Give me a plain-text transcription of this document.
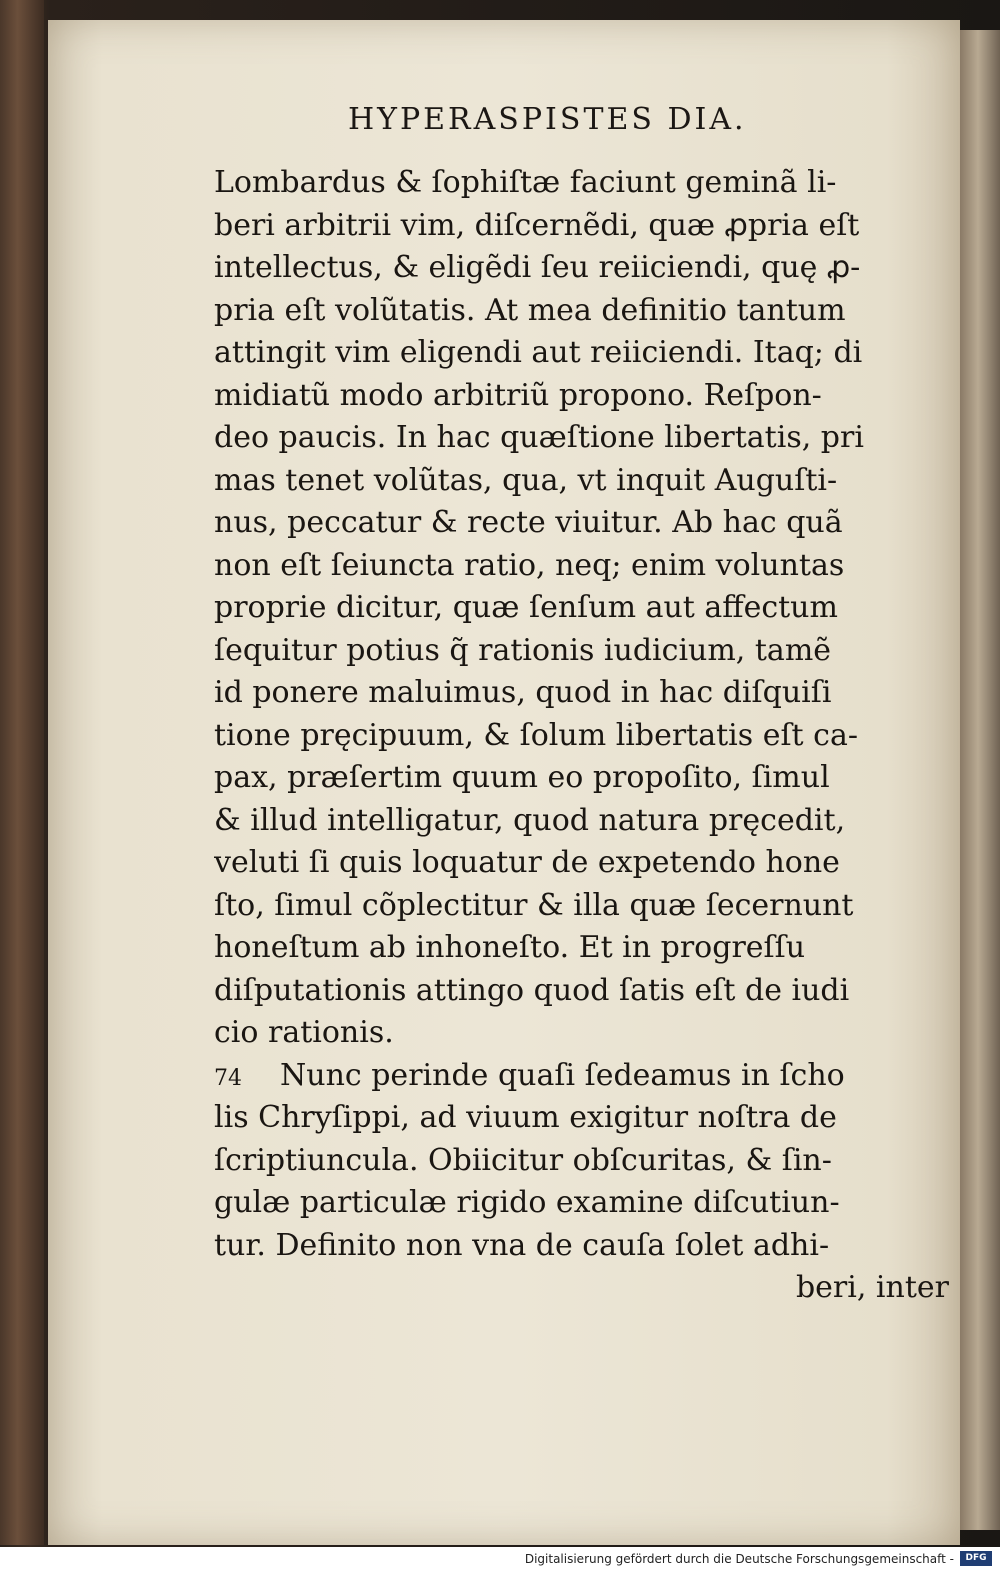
HYPERASPISTES DIA.
Lombardus & ſophiſtæ faciunt geminã li-
beri arbitrii vim, diſcernẽdi, quæ ꝓpria eſt
intellectus, & eligẽdi ſeu reiiciendi, quę ꝓ-
pria eſt volũtatis. At mea definitio tantum
attingit vim eligendi aut reiiciendi. Itaq; di
midiatũ modo arbitriũ propono. Reſpon-
deo paucis. In hac quæſtione libertatis, pri
mas tenet volũtas, qua, vt inquit Auguſti-
nus, peccatur & recte viuitur. Ab hac quã
non eſt ſeiuncta ratio, neq; enim voluntas
proprie dicitur, quæ ſenſum aut affectum
ſequitur potius q̃ rationis iudicium, tamẽ
id ponere maluimus, quod in hac diſquiſi
tione pręcipuum, & ſolum libertatis eſt ca-
pax, præſertim quum eo propoſito, ſimul
& illud intelligatur, quod natura pręcedit,
veluti ſi quis loquatur de expetendo hone
ſto, ſimul cõplectitur & illa quæ ſecernunt
honeſtum ab inhoneſto. Et in progreſſu
diſputationis attingo quod ſatis eſt de iudi
cio rationis.
74 Nunc perinde quaſi ſedeamus in ſcho
lis Chryſippi, ad viuum exigitur noſtra de
ſcriptiuncula. Obiicitur obſcuritas, & ſin-
gulæ particulæ rigido examine diſcutiun-
tur. Definito non vna de cauſa ſolet adhi-
beri, inter
Digitalisierung gefördert durch die Deutsche Forschungsgemeinschaft -	DFG
